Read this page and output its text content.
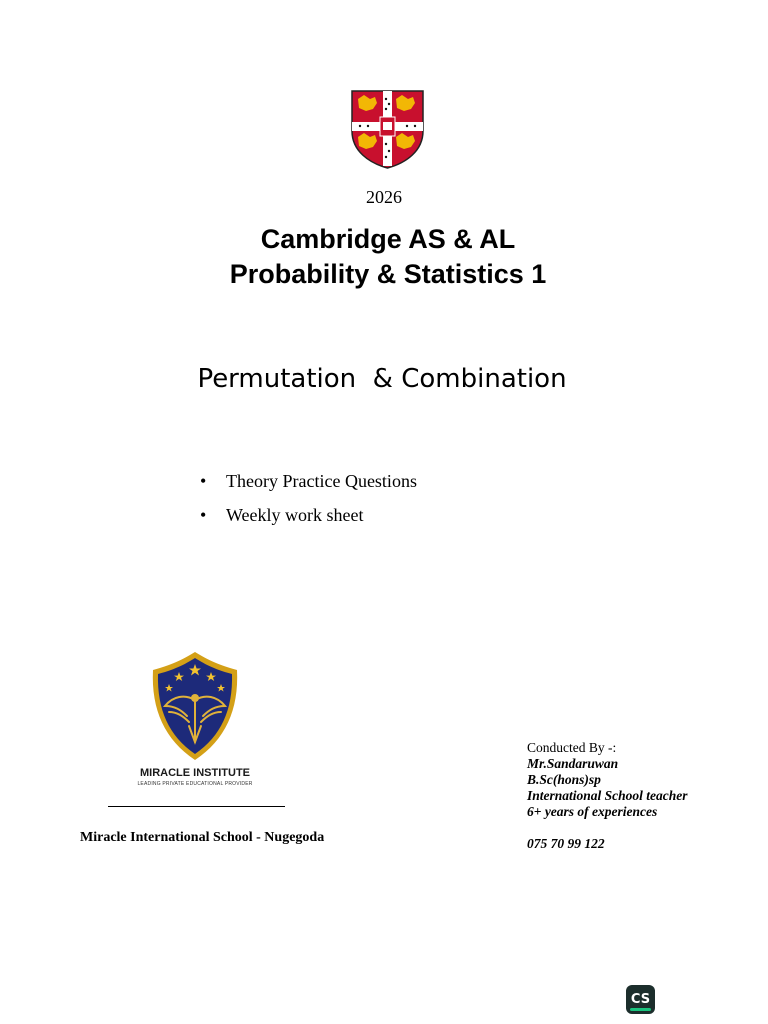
2026
Cambridge AS & AL
Probability & Statistics 1
Permutation  & Combination
• Theory Practice Questions
• Weekly work sheet
MIRACLE INSTITUTE
LEADING PRIVATE EDUCATIONAL PROVIDER
Miracle International School - Nugegoda
Conducted By -:
Mr.Sandaruwan
B.Sc(hons)sp
International School teacher
6+ years of experiences
075 70 99 122
CS
